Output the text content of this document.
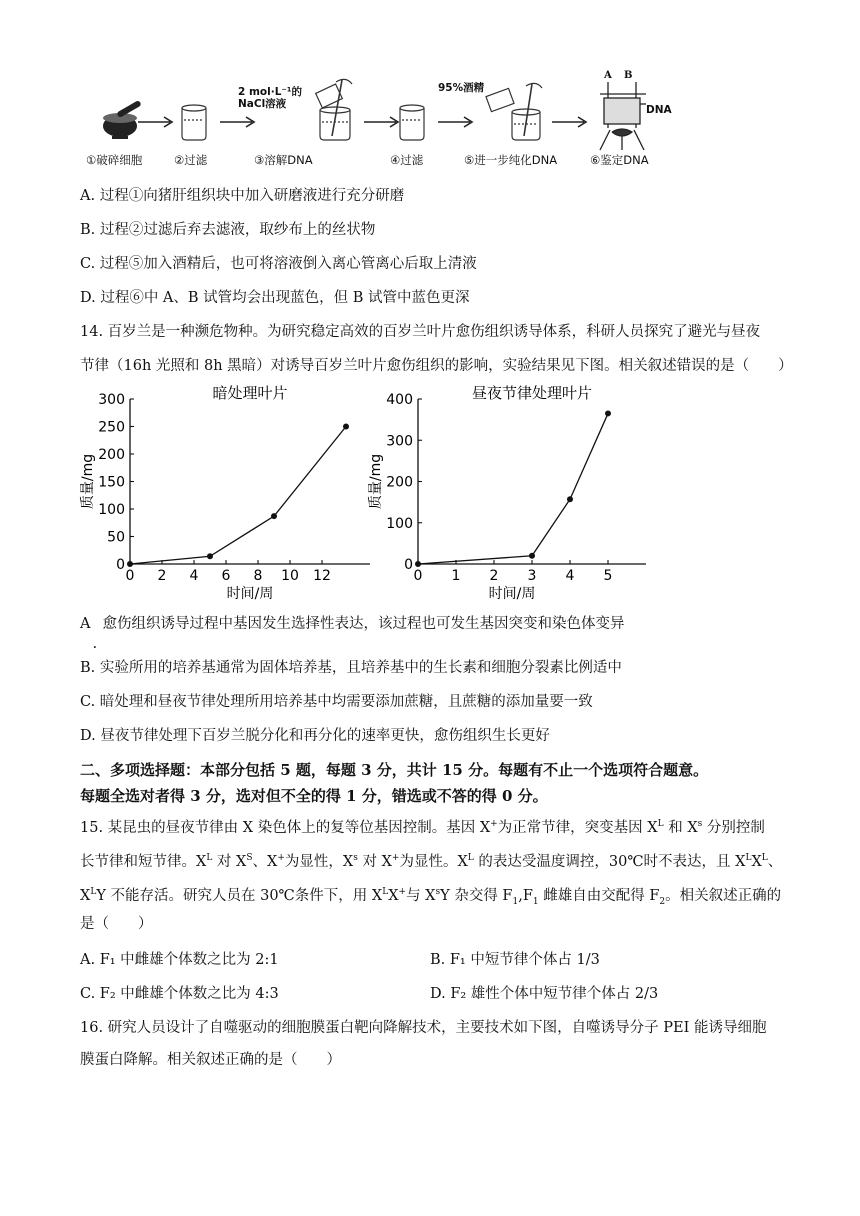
2 mol·L⁻¹的
NaCl溶液
95%酒精
A B
DNA
①破碎细胞	②过滤	③溶解DNA	④过滤	⑤进一步纯化DNA	⑥鉴定DNA
A. 过程①向猪肝组织块中加入研磨液进行充分研磨
B. 过程②过滤后弃去滤液，取纱布上的丝状物
C. 过程⑤加入酒精后，也可将溶液倒入离心管离心后取上清液
D. 过程⑥中 A、B 试管均会出现蓝色，但 B 试管中蓝色更深
14. 百岁兰是一种濒危物种。为研究稳定高效的百岁兰叶片愈伤组织诱导体系，科研人员探究了避光与昼夜
节律（16h 光照和 8h 黑暗）对诱导百岁兰叶片愈伤组织的影响，实验结果见下图。相关叙述错误的是（　　）
0
50
100
150
200
250
300
0 2 4 6 8 10 12
暗处理叶片
时间/周
质量/mg
0
100
200
300
400
0 1 2 3 4 5
昼夜节律处理叶片
时间/周
质量/mg
A
.
愈伤组织诱导过程中基因发生选择性表达，该过程也可发生基因突变和染色体变异
B. 实验所用的培养基通常为固体培养基，且培养基中的生长素和细胞分裂素比例适中
C. 暗处理和昼夜节律处理所用培养基中均需要添加蔗糖，且蔗糖的添加量要一致
D. 昼夜节律处理下百岁兰脱分化和再分化的速率更快，愈伤组织生长更好
二、多项选择题：本部分包括 5 题，每题 3 分，共计 15 分。每题有不止一个选项符合题意。
每题全选对者得 3 分，选对但不全的得 1 分，错选或不答的得 0 分。
15. 某昆虫的昼夜节律由 X 染色体上的复等位基因控制。基因 X+为正常节律，突变基因 $X^L$ 和 $X^s$ 分别控制
长节律和短节律。$X^L$ 对 $X^S$、X+为显性，$X^s$ 对 X+为显性。$X^L$ 的表达受温度调控，30℃时不表达，且 $X^LX^L$、
$X^LY$ 不能存活。研究人员在 30℃条件下，用 $X^LX^+$与 $X^sY$ 杂交得 $F_1,F_1$ 雌雄自由交配得 $F_2$。相关叙述正确的
是（　　）
A. F₁ 中雌雄个体数之比为 2:1	B. F₁ 中短节律个体占 1/3
C. F₂ 中雌雄个体数之比为 4:3	D. F₂ 雄性个体中短节律个体占 2/3
16. 研究人员设计了自噬驱动的细胞膜蛋白靶向降解技术，主要技术如下图，自噬诱导分子 PEI 能诱导细胞
膜蛋白降解。相关叙述正确的是（　　）
